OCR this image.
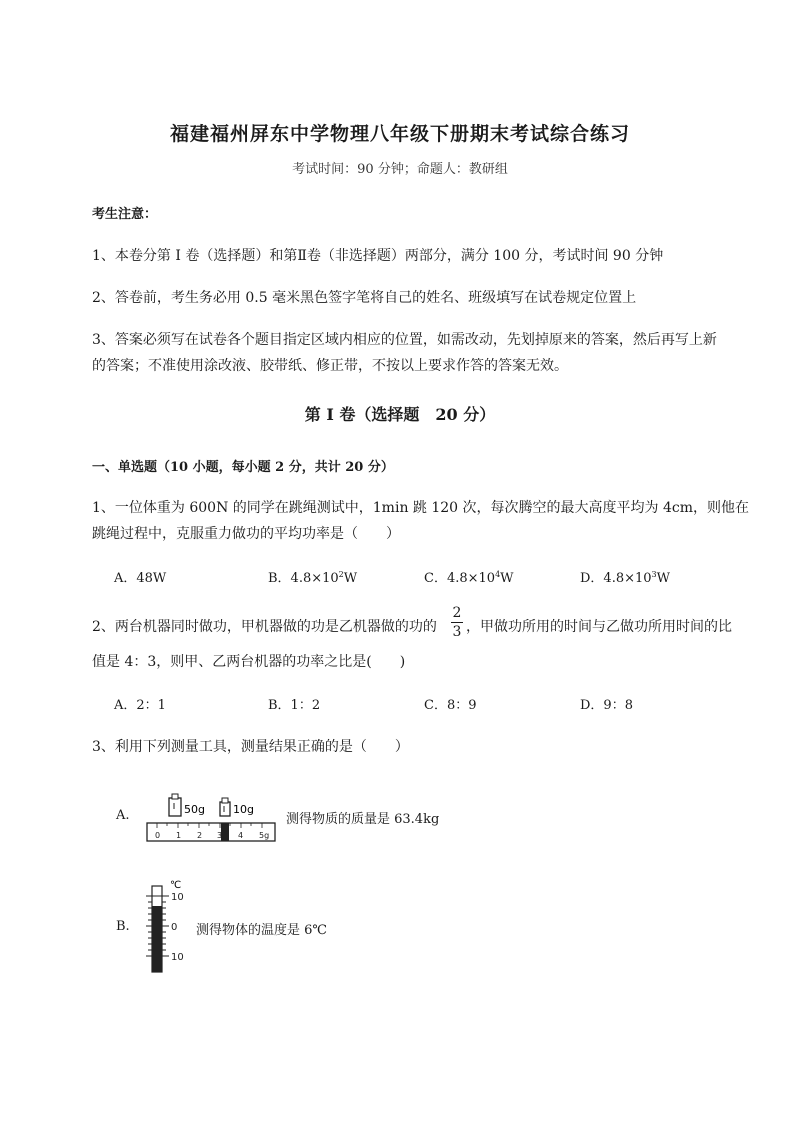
福建福州屏东中学物理八年级下册期末考试综合练习
考试时间：90 分钟；命题人：教研组
考生注意：
1、本卷分第 I 卷（选择题）和第Ⅱ卷（非选择题）两部分，满分 100 分，考试时间 90 分钟
2、答卷前，考生务必用 0.5 毫米黑色签字笔将自己的姓名、班级填写在试卷规定位置上
3、答案必须写在试卷各个题目指定区域内相应的位置，如需改动，先划掉原来的答案，然后再写上新
的答案；不准使用涂改液、胶带纸、修正带，不按以上要求作答的答案无效。
第 I 卷（选择题　20 分）
一、单选题（10 小题，每小题 2 分，共计 20 分）
1、一位体重为 600N 的同学在跳绳测试中，1min 跳 120 次，每次腾空的最大高度平均为 4cm，则他在
跳绳过程中，克服重力做功的平均功率是（　　）
A．48W	B．$4.8\times 10^2W$	C．$4.8\times 10^4W$	D．$4.8\times 10^3W$
2、两台机器同时做功，甲机器做的功是乙机器做的功的
2
3 ，甲做功所用的时间与乙做功所用时间的比
值是 4：3，则甲、乙两台机器的功率之比是(　　)
A．2：1	B．1：2	C．8：9	D．9：8
3、利用下列测量工具，测量结果正确的是（　　）
A.	50g	10g
0 1 2 3 4 5g
测得物质的质量是 63.4kg
B.
℃
10
0
10
测得物体的温度是 6℃
